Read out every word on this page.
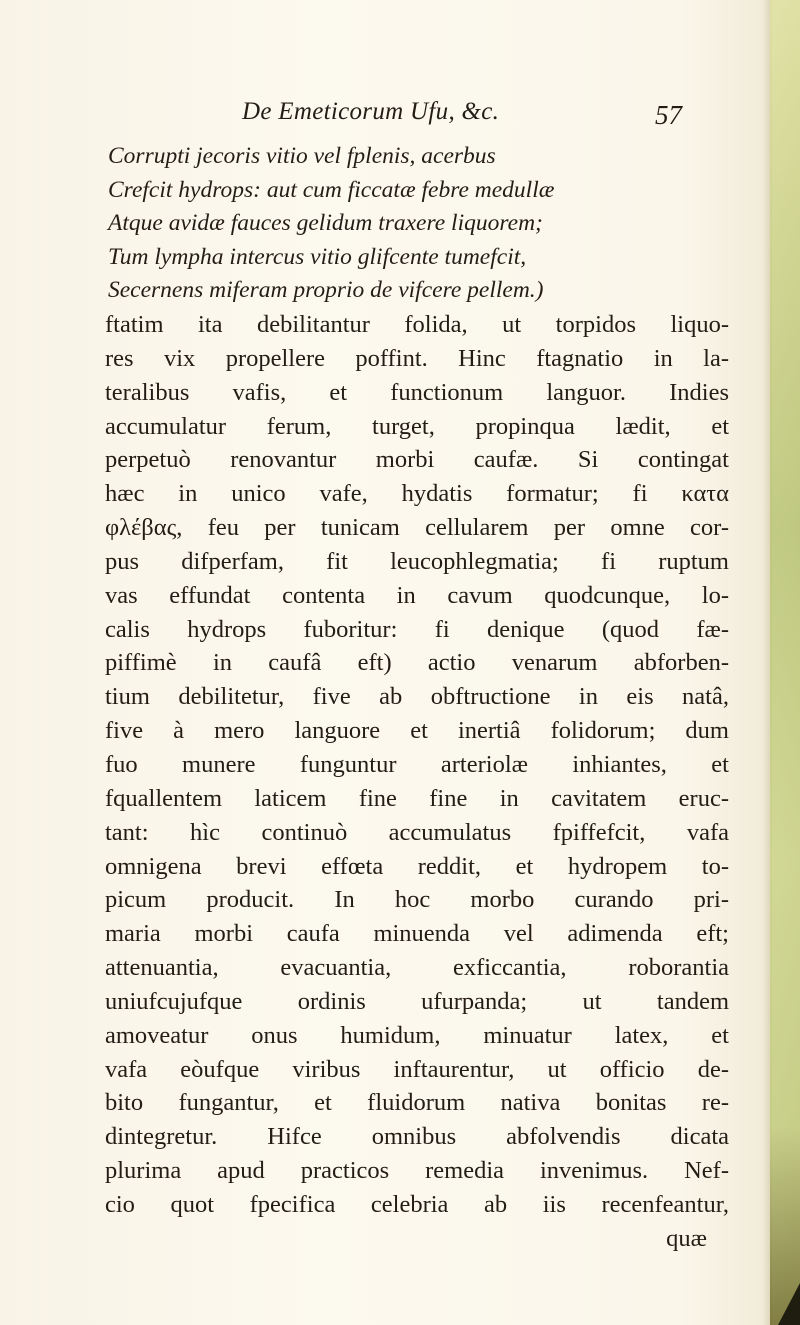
De Emeticorum Ufu, &c.	57
Corrupti jecoris vitio vel fplenis, acerbus
Crefcit hydrops: aut cum ficcatæ febre medullæ
Atque avidæ fauces gelidum traxere liquorem;
Tum lympha intercus vitio glifcente tumefcit,
Secernens miferam proprio de vifcere pellem.)
ftatim ita debilitantur folida, ut torpidos liquo-
res vix propellere poffint. Hinc ftagnatio in la-
teralibus vafis, et functionum languor. Indies
accumulatur ferum, turget, propinqua lædit, et
perpetuò renovantur morbi caufæ. Si contingat
hæc in unico vafe, hydatis formatur; fi κατα
φλέβας, feu per tunicam cellularem per omne cor-
pus difperfam, fit leucophlegmatia; fi ruptum
vas effundat contenta in cavum quodcunque, lo-
calis hydrops fuboritur: fi denique (quod fæ-
piffimè in caufâ eft) actio venarum abforben-
tium debilitetur, five ab obftructione in eis natâ,
five à mero languore et inertiâ folidorum; dum
fuo munere funguntur arteriolæ inhiantes, et
fquallentem laticem fine fine in cavitatem eruc-
tant: hìc continuò accumulatus fpiffefcit, vafa
omnigena brevi effœta reddit, et hydropem to-
picum producit. In hoc morbo curando pri-
maria morbi caufa minuenda vel adimenda eft;
attenuantia, evacuantia, exficcantia, roborantia
uniufcujufque ordinis ufurpanda; ut tandem
amoveatur onus humidum, minuatur latex, et
vafa eòufque viribus inftaurentur, ut officio de-
bito fungantur, et fluidorum nativa bonitas re-
dintegretur. Hifce omnibus abfolvendis dicata
plurima apud practicos remedia invenimus. Nef-
cio quot fpecifica celebria ab iis recenfeantur,
quæ
